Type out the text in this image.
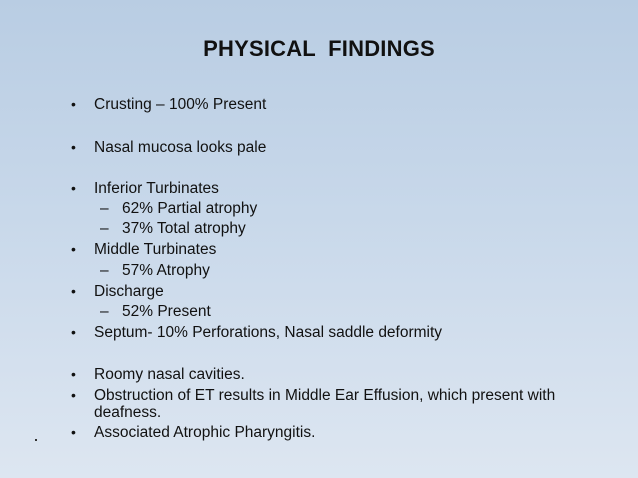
PHYSICAL  FINDINGS
• Crusting – 100% Present
• Nasal mucosa looks pale
• Inferior Turbinates
– 62% Partial atrophy
– 37% Total atrophy
• Middle Turbinates
– 57% Atrophy
• Discharge
– 52% Present
• Septum- 10% Perforations, Nasal saddle deformity
• Roomy nasal cavities.
• Obstruction of ET results in Middle Ear Effusion, which present with deafness.
• Associated Atrophic Pharyngitis.
